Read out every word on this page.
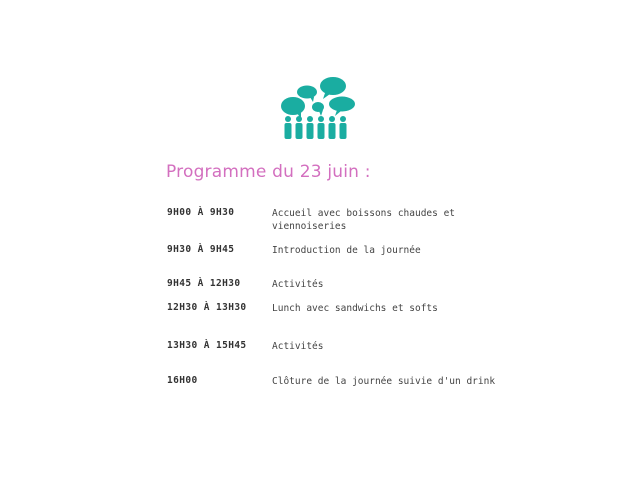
Programme du 23 juin :
9H00 À 9H30	Accueil avec boissons chaudes et viennoiseries
9H30 À 9H45	Introduction de la journée
9H45 À 12H30	Activités
12H30 À 13H30	Lunch avec sandwichs et softs
13H30 À 15H45	Activités
16H00	Clôture de la journée suivie d'un drink
